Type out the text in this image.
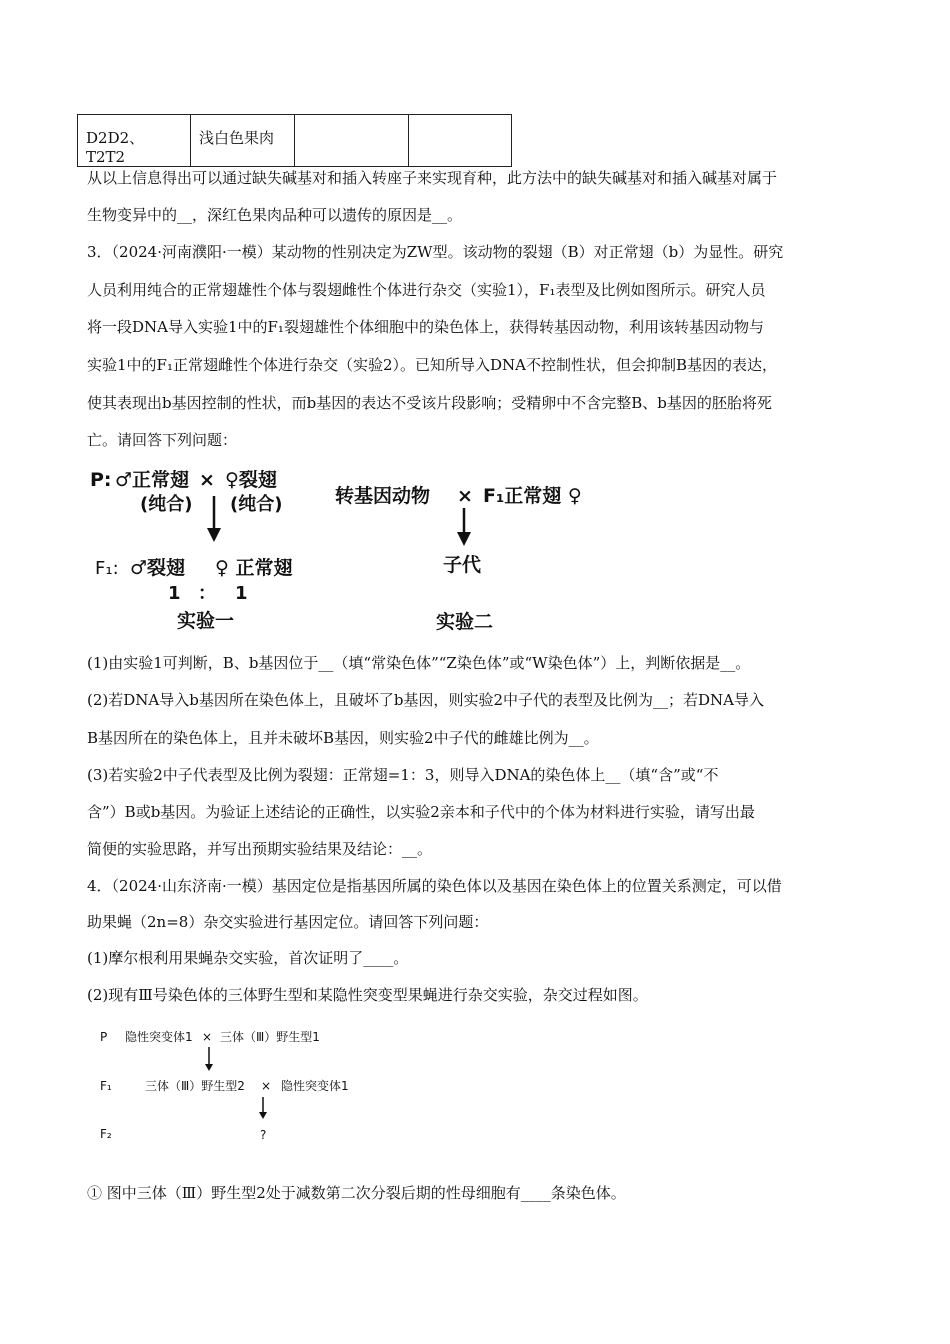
D2D2、T2T2	浅白色果肉		
从以上信息得出可以通过缺失碱基对和插入转座子来实现育种，此方法中的缺失碱基对和插入碱基对属于
生物变异中的__，深红色果肉品种可以遗传的原因是__。
3．（2024·河南濮阳·一模）某动物的性别决定为ZW型。该动物的裂翅（B）对正常翅（b）为显性。研究
人员利用纯合的正常翅雄性个体与裂翅雌性个体进行杂交（实验1），F₁表型及比例如图所示。研究人员
将一段DNA导入实验1中的F₁裂翅雄性个体细胞中的染色体上，获得转基因动物，利用该转基因动物与
实验1中的F₁正常翅雌性个体进行杂交（实验2）。已知所导入DNA不控制性状，但会抑制B基因的表达，
使其表现出b基因控制的性状，而b基因的表达不受该片段影响；受精卵中不含完整B、b基因的胚胎将死
亡。请回答下列问题：
P: ♂正常翅 × ♀裂翅
(纯合) (纯合)
F₁: ♂裂翅 ♀ 正常翅
1 ： 1
实验一
转基因动物 × F₁正常翅 ♀
子代
实验二
(1)由实验1可判断，B、b基因位于__（填“常染色体”“Z染色体”或“W染色体”）上，判断依据是__。
(2)若DNA导入b基因所在染色体上，且破坏了b基因，则实验2中子代的表型及比例为__；若DNA导入
B基因所在的染色体上，且并未破坏B基因，则实验2中子代的雌雄比例为__。
(3)若实验2中子代表型及比例为裂翅：正常翅=1：3，则导入DNA的染色体上__（填“含”或“不
含”）B或b基因。为验证上述结论的正确性，以实验2亲本和子代中的个体为材料进行实验，请写出最
简便的实验思路，并写出预期实验结果及结论：__。
4．（2024·山东济南·一模）基因定位是指基因所属的染色体以及基因在染色体上的位置关系测定，可以借
助果蝇（2n=8）杂交实验进行基因定位。请回答下列问题：
(1)摩尔根利用果蝇杂交实验，首次证明了____。
(2)现有Ⅲ号染色体的三体野生型和某隐性突变型果蝇进行杂交实验，杂交过程如图。
P 隐性突变体1 × 三体（Ⅲ）野生型1
F₁	三体（Ⅲ）野生型2 × 隐性突变体1
F₂	?
① 图中三体（Ⅲ）野生型2处于减数第二次分裂后期的性母细胞有____条染色体。
